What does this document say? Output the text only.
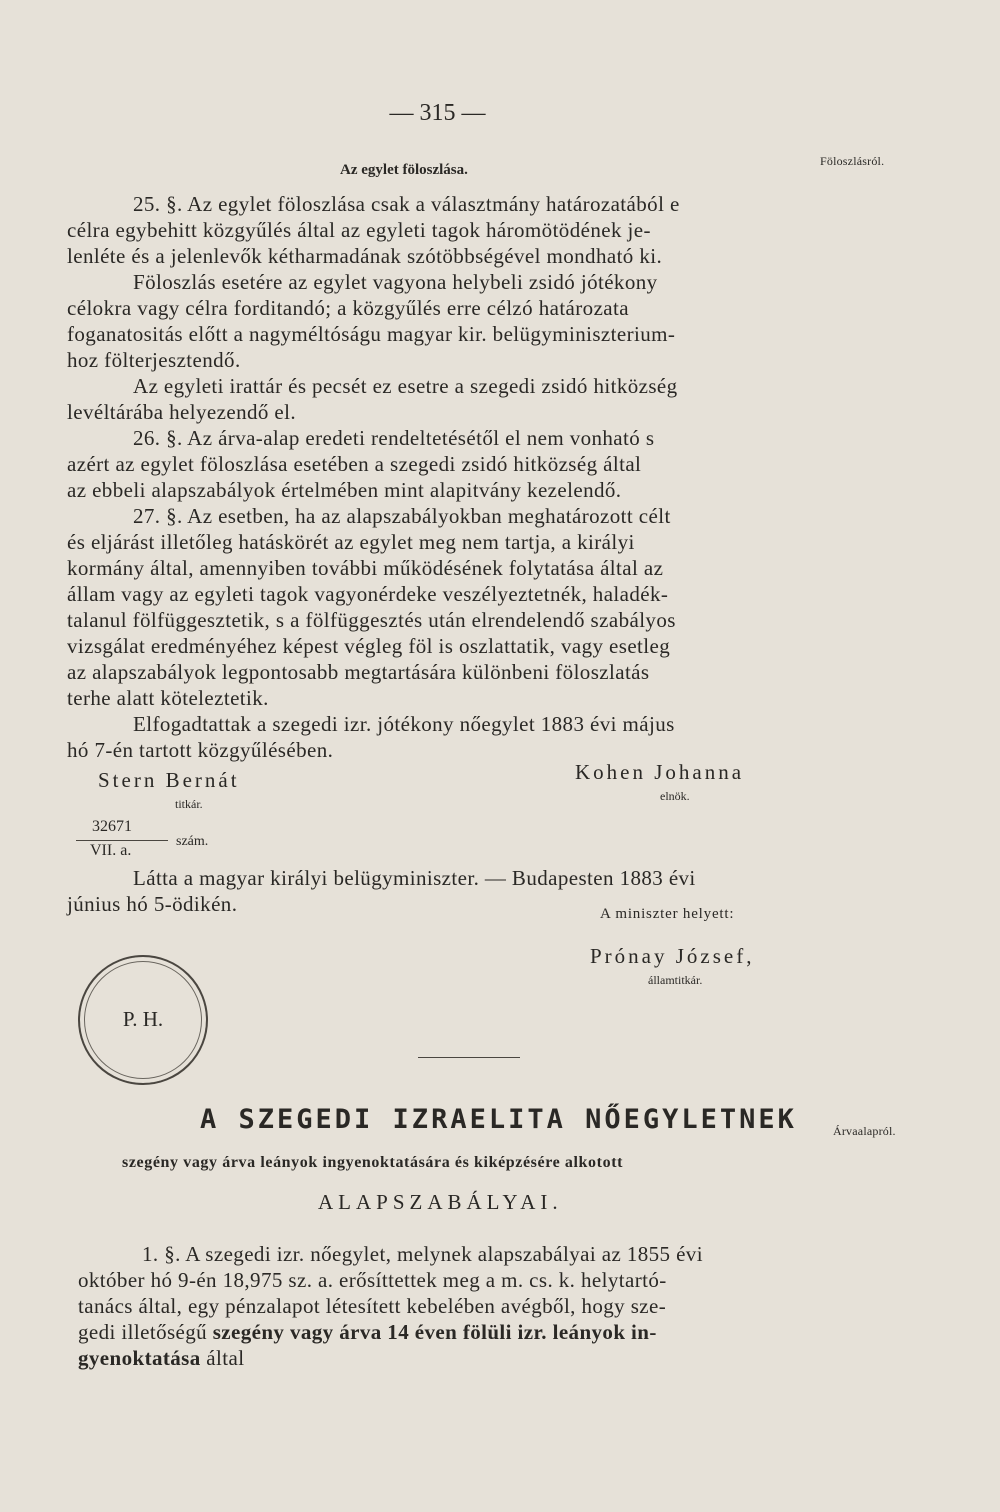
— 315 —
Az egylet föloszlása.
Föloszlásról.
25. §. Az egylet föloszlása csak a választmány határozatából e
célra egybehitt közgyűlés által az egyleti tagok háromötödének je-
lenléte és a jelenlevők kétharmadának szótöbbségével mondható ki.
Föloszlás esetére az egylet vagyona helybeli zsidó jótékony
célokra vagy célra forditandó; a közgyűlés erre célzó határozata
foganatositás előtt a nagyméltóságu magyar kir. belügyminiszterium-
hoz fölterjesztendő.
Az egyleti irattár és pecsét ez esetre a szegedi zsidó hitközség
levéltárába helyezendő el.
26. §. Az árva-alap eredeti rendeltetésétől el nem vonható s
azért az egylet föloszlása esetében a szegedi zsidó hitközség által
az ebbeli alapszabályok értelmében mint alapitvány kezelendő.
27. §. Az esetben, ha az alapszabályokban meghatározott célt
és eljárást illetőleg hatáskörét az egylet meg nem tartja, a királyi
kormány által, amennyiben további működésének folytatása által az
állam vagy az egyleti tagok vagyonérdeke veszélyeztetnék, haladék-
talanul fölfüggesztetik, s a fölfüggesztés után elrendelendő szabályos
vizsgálat eredményéhez képest végleg föl is oszlattatik, vagy esetleg
az alapszabályok legpontosabb megtartására különbeni föloszlatás
terhe alatt köteleztetik.
Elfogadtattak a szegedi izr. jótékony nőegylet 1883 évi május
hó 7-én tartott közgyűlésében.
Stern Bernát
titkár.
Kohen Johanna
elnök.
32671
VII. a.
szám.
Látta a magyar királyi belügyminiszter. — Budapesten 1883 évi
június hó 5-ödikén.	A miniszter helyett:
Prónay József,
államtitkár.
P. H.
A SZEGEDI IZRAELITA NŐEGYLETNEK	Árvaalapról.
szegény vagy árva leányok ingyenoktatására és kiképzésére alkotott
ALAPSZABÁLYAI.
1. §. A szegedi izr. nőegylet, melynek alapszabályai az 1855 évi
október hó 9-én 18,975 sz. a. erősíttettek meg a m. cs. k. helytartó-
tanács által, egy pénzalapot létesített kebelében avégből, hogy sze-
gedi illetőségű szegény vagy árva 14 éven fölüli izr. leányok in-
gyenoktatása által
